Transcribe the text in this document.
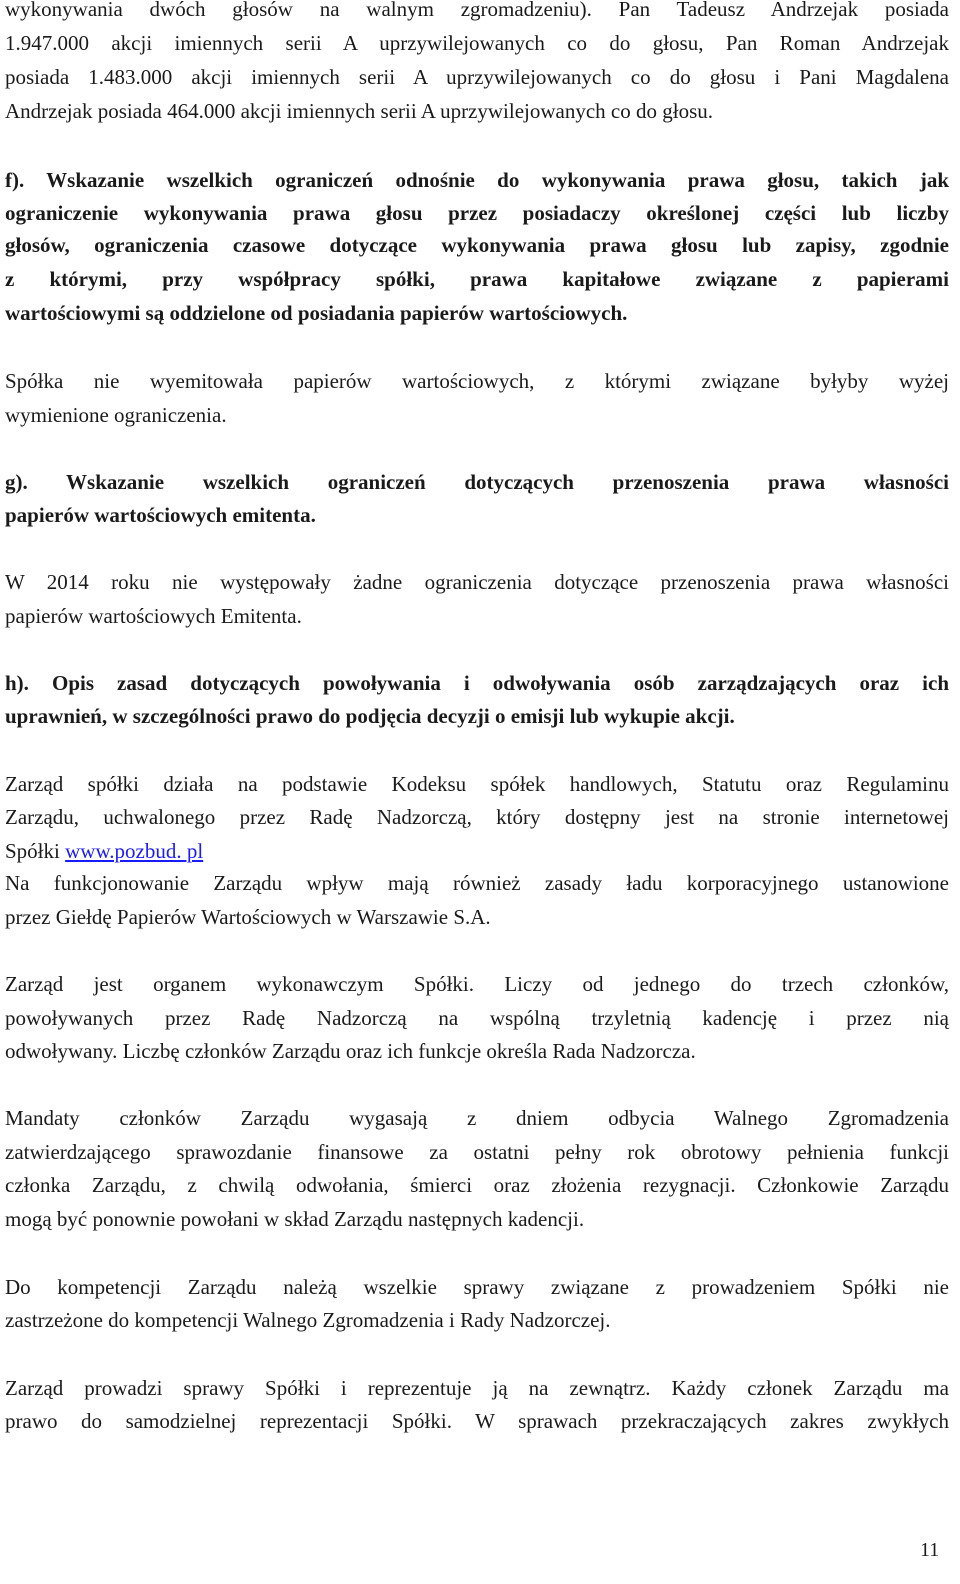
wykonywania dwóch głosów na walnym zgromadzeniu). Pan Tadeusz Andrzejak posiada
1.947.000 akcji imiennych serii A uprzywilejowanych co do głosu, Pan Roman Andrzejak
posiada 1.483.000 akcji imiennych serii A uprzywilejowanych co do głosu i Pani Magdalena
Andrzejak posiada 464.000 akcji imiennych serii A uprzywilejowanych co do głosu.
f). Wskazanie wszelkich ograniczeń odnośnie do wykonywania prawa głosu, takich jak
ograniczenie wykonywania prawa głosu przez posiadaczy określonej części lub liczby
głosów, ograniczenia czasowe dotyczące wykonywania prawa głosu lub zapisy, zgodnie
z którymi, przy współpracy spółki, prawa kapitałowe związane z papierami
wartościowymi są oddzielone od posiadania papierów wartościowych.
Spółka nie wyemitowała papierów wartościowych, z którymi związane byłyby wyżej
wymienione ograniczenia.
g). Wskazanie wszelkich ograniczeń dotyczących przenoszenia prawa własności
papierów wartościowych emitenta.
W 2014 roku nie występowały żadne ograniczenia dotyczące przenoszenia prawa własności
papierów wartościowych Emitenta.
h). Opis zasad dotyczących powoływania i odwoływania osób zarządzających oraz ich
uprawnień, w szczególności prawo do podjęcia decyzji o emisji lub wykupie akcji.
Zarząd spółki działa na podstawie Kodeksu spółek handlowych, Statutu oraz Regulaminu
Zarządu, uchwalonego przez Radę Nadzorczą, który dostępny jest na stronie internetowej
Spółki www.pozbud. pl
Na funkcjonowanie Zarządu wpływ mają również zasady ładu korporacyjnego ustanowione
przez Giełdę Papierów Wartościowych w Warszawie S.A.
Zarząd jest organem wykonawczym Spółki. Liczy od jednego do trzech członków,
powoływanych przez Radę Nadzorczą na wspólną trzyletnią kadencję i przez nią
odwoływany. Liczbę członków Zarządu oraz ich funkcje określa Rada Nadzorcza.
Mandaty członków Zarządu wygasają z dniem odbycia Walnego Zgromadzenia
zatwierdzającego sprawozdanie finansowe za ostatni pełny rok obrotowy pełnienia funkcji
członka Zarządu, z chwilą odwołania, śmierci oraz złożenia rezygnacji. Członkowie Zarządu
mogą być ponownie powołani w skład Zarządu następnych kadencji.
Do kompetencji Zarządu należą wszelkie sprawy związane z prowadzeniem Spółki nie
zastrzeżone do kompetencji Walnego Zgromadzenia i Rady Nadzorczej.
Zarząd prowadzi sprawy Spółki i reprezentuje ją na zewnątrz. Każdy członek Zarządu ma
prawo do samodzielnej reprezentacji Spółki. W sprawach przekraczających zakres zwykłych
11
